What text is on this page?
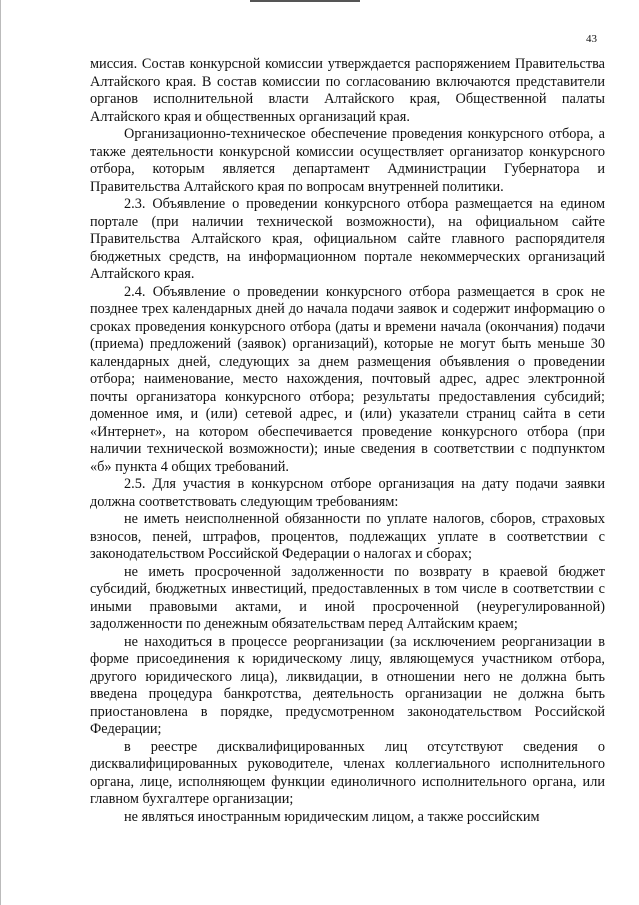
43

миссия. Состав конкурсной комиссии утверждается распоряжением Правительства Алтайского края. В состав комиссии по согласованию включаются представители органов исполнительной власти Алтайского края, Общественной палаты Алтайского края и общественных организаций края.

Организационно-техническое обеспечение проведения конкурсного отбора, а также деятельности конкурсной комиссии осуществляет организатор конкурсного отбора, которым является департамент Администрации Губернатора и Правительства Алтайского края по вопросам внутренней политики.

2.3. Объявление о проведении конкурсного отбора размещается на едином портале (при наличии технической возможности), на официальном сайте Правительства Алтайского края, официальном сайте главного распорядителя бюджетных средств, на информационном портале некоммерческих организаций Алтайского края.

2.4. Объявление о проведении конкурсного отбора размещается в срок не позднее трех календарных дней до начала подачи заявок и содержит информацию о сроках проведения конкурсного отбора (даты и времени начала (окончания) подачи (приема) предложений (заявок) организаций), которые не могут быть меньше 30 календарных дней, следующих за днем размещения объявления о проведении отбора; наименование, место нахождения, почтовый адрес, адрес электронной почты организатора конкурсного отбора; результаты предоставления субсидий; доменное имя, и (или) сетевой адрес, и (или) указатели страниц сайта в сети «Интернет», на котором обеспечивается проведение конкурсного отбора (при наличии технической возможности); иные сведения в соответствии с подпунктом «б» пункта 4 общих требований.

2.5. Для участия в конкурсном отборе организация на дату подачи заявки должна соответствовать следующим требованиям:

не иметь неисполненной обязанности по уплате налогов, сборов, страховых взносов, пеней, штрафов, процентов, подлежащих уплате в соответствии с законодательством Российской Федерации о налогах и сборах;

не иметь просроченной задолженности по возврату в краевой бюджет субсидий, бюджетных инвестиций, предоставленных в том числе в соответствии с иными правовыми актами, и иной просроченной (неурегулированной) задолженности по денежным обязательствам перед Алтайским краем;

не находиться в процессе реорганизации (за исключением реорганизации в форме присоединения к юридическому лицу, являющемуся участником отбора, другого юридического лица), ликвидации, в отношении него не должна быть введена процедура банкротства, деятельность организации не должна быть приостановлена в порядке, предусмотренном законодательством Российской Федерации;

в реестре дисквалифицированных лиц отсутствуют сведения о дисквалифицированных руководителе, членах коллегиального исполнительного органа, лице, исполняющем функции единоличного исполнительного органа, или главном бухгалтере организации;

не являться иностранным юридическим лицом, а также российским
